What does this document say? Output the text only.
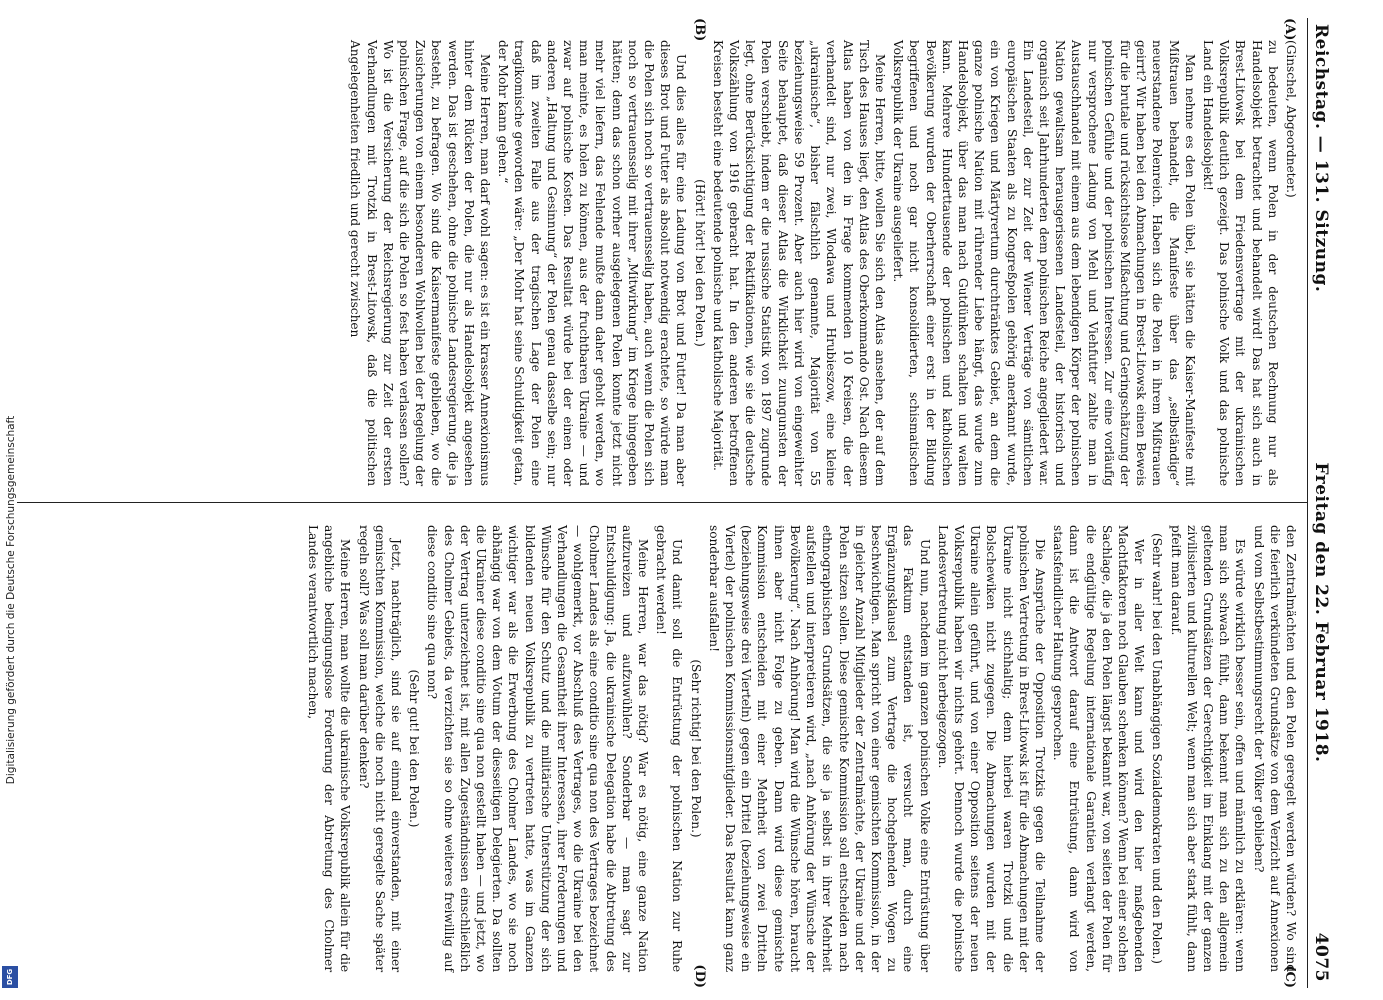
Digitalisierung gefördert durch die Deutsche Forschungsgemeinschaft
DFG
Reichstag. — 131. Sitzung.
Freitag den 22. Februar 1918.
4075
(A)
(B)

(Ginschel, Abgeordneter.)

zu bedeuten, wenn Polen in der deutschen Rechnung nur als Handelsobjekt betrachtet und behandelt wird! Das hat sich auch in Brest-Litowsk bei dem Friedensvertrage mit der ukrainischen Volksrepublik deutlich gezeigt. Das polnische Volk und das polnische Land ein Handelsobjekt!

Man nehme es den Polen übel, sie hätten die Kaiser-Manifeste mit Mißtrauen behandelt, die Manifeste über das „selbständige“ neuerstandene Polenreich. Haben sich die Polen in ihrem Mißtrauen geirrt? Wir haben bei den Abmachungen in Brest-Litowsk einen Beweis für die brutale und rücksichtslose Mißachtung und Geringschätzung der polnischen Gefühle und der polnischen Interessen. Zur eine vorläufig nur versprochene Ladung von Mehl und Viehfutter zahlte man in Austauschhandel mit einem aus dem lebendigen Körper der polnischen Nation gewaltsam herausgerissenen Landesteil, der historisch und organisch seit Jahrhunderten dem polnischen Reiche angegliedert war. Ein Landesteil, der zur Zeit der Wiener Verträge von sämtlichen europäischen Staaten als zu Kongreßpolen gehörig anerkannt wurde, ein von Kriegen und Märtyrertum durchtränktes Gebiet, an dem die ganze polnische Nation mit rührender Liebe hängt, das wurde zum Handelsobjekt, über das man nach Gutdünken schalten und walten kann. Mehrere Hunderttausende der polnischen und katholischen Bevölkerung wurden der Oberherrschaft einer erst in der Bildung begriffenen und noch gar nicht konsolidierten, schismatischen Volksrepublik der Ukraine ausgeliefert.

Meine Herren, bitte, wollen Sie sich den Atlas ansehen, der auf dem Tisch des Hauses liegt, den Atlas des Oberkommando Ost. Nach diesem Atlas haben von den in Frage kommenden 10 Kreisen, die der verhandelt sind, nur zwei, Wlodawa und Hrubieszow, eine kleine „ukrainische“, bisher fälschlich genannte, Majorität von 55 beziehungsweise 59 Prozent. Aber auch hier wird von eingeweihter Seite behauptet, daß dieser Atlas die Wirklichkeit zuungunsten der Polen verschiebt, indem er die russische Statistik von 1897 zugrunde legt, ohne Berücksichtigung der Rektifikationen, wie sie die deutsche Volkszählung von 1916 gebracht hat. In den anderen betroffenen Kreisen besteht eine bedeutende polnische und katholische Majorität.

(Hört! hört! bei den Polen.)

Und dies alles für eine Ladung von Brot und Futter! Da man aber dieses Brot und Futter als absolut notwendig erachtete, so würde man die Polen sich noch so vertrauensselig haben, auch wenn die Polen sich noch so vertrauensselig mit ihrer „Mitwirkung“ im Kriege hingegeben hätten; denn das schon vorher ausgelegenen Polen konnte jetzt nicht mehr viel liefern, das Fehlende mußte dann daher geholt werden, wo man meinte, es holen zu können, aus der fruchtbaren Ukraine — und zwar auf polnische Kosten. Das Resultat würde bei der einen oder anderen „Haltung und Gesinnung“ der Polen genau dasselbe sein; nur daß im zweiten Falle aus der tragischen Lage der Polen eine tragikomische geworden wäre: „Der Mohr hat seine Schuldigkeit getan, der Mohr kann gehen.“

Meine Herren, man darf wohl sagen: es ist ein krasser Annexionismus hinter dem Rücken der Polen, die nur als Handelsobjekt angesehen werden. Das ist geschehen, ohne die polnische Landesregierung, die ja besteht, zu befragen. Wo sind die Kaisermanifeste geblieben, wo die Zusicherungen von einem besonderen Wohlwollen bei der Regelung der polnischen Frage, auf die sich die Polen so fest haben verlassen sollen? Wo ist die Versicherung der Reichsregierung zur Zeit der ersten Verhandlungen mit Trotzki in Brest-Litowsk, daß die politischen Angelegenheiten friedlich und gerecht zwischen

(C)
(D)

den Zentralmächten und den Polen geregelt werden würden? Wo sind die feierlich verkündeten Grundsätze von dem Verzicht auf Annexionen und vom Selbstbestimmungsrecht der Völker geblieben?

Es würde wirklich besser sein, offen und männlich zu erklären: wenn man sich schwach fühlt, dann bekennt man sich zu den allgemein geltenden Grundsätzen der Gerechtigkeit im Einklang mit der ganzen zivilisierten und kulturellen Welt; wenn man sich aber stark fühlt, dann pfeift man darauf.

(Sehr wahr! bei den Unabhängigen Sozialdemokraten und den Polen.)

Wer in aller Welt kann und wird den hier maßgebenden Machtfaktoren noch Glauben schenken können? Wenn bei einer solchen Sachlage, die ja den Polen längst bekannt war, von seiten der Polen für die endgültige Regelung internationale Garantien verlangt werden, dann ist die Antwort darauf eine Entrüstung, dann wird von staatsfeindlicher Haltung gesprochen.

Die Ansprüche der Opposition Trotzkis gegen die Teilnahme der polnischen Vertretung in Brest-Litowsk ist für die Abmachungen mit der Ukraine nicht stichhaltig; denn hierbei waren Trotzki und die Bolschewiken nicht zugegen. Die Abmachungen wurden mit der Ukraine allein geführt, und von einer Opposition seitens der neuen Volksrepublik haben wir nichts gehört. Dennoch wurde die polnische Landesvertretung nicht herbeigezogen.

Und nun, nachdem im ganzen polnischen Volke eine Entrüstung über das Faktum entstanden ist, versucht man, durch eine Ergänzungsklausel zum Vertrage die hochgehenden Wogen zu beschwichtigen. Man spricht von einer gemischten Kommission, in der in gleicher Anzahl Mitglieder der Zentralmächte, der Ukraine und der Polen sitzen sollen. Diese gemischte Kommission soll entscheiden nach ethnographischen Grundsätzen, die sie ja selbst in ihrer Mehrheit aufstellen und interpretieren wird, „nach Anhörung der Wünsche der Bevölkerung“. Nach Anhörung! Man wird die Wünsche hören, braucht ihnen aber nicht Folge zu geben. Dann wird diese gemischte Kommission entscheiden mit einer Mehrheit von zwei Dritteln (beziehungsweise drei Vierteln) gegen ein Drittel (beziehungsweise ein Viertel) der polnischen Kommissionsmitglieder. Das Resultat kann ganz sonderbar ausfallen!

(Sehr richtig! bei den Polen.)

Und damit soll die Entrüstung der polnischen Nation zur Ruhe gebracht werden!

Meine Herren, war das nötig? War es nötig, eine ganze Nation aufzureizen und aufzuwühlen? Sonderbar — man sagt zur Entschuldigung: Ja, die ukrainische Delegation habe die Abtretung des Cholmer Landes als eine conditio sine qua non des Vertrages bezeichnet — wohlgemerkt, vor Abschluß des Vertrages, wo die Ukraine bei den Verhandlungen die Gesamtheit ihrer Interessen, ihrer Forderungen und Wünsche für den Schutz und die militärische Unterstützung der sich bildenden neuen Volksrepublik zu vertreten hatte, was im Ganzen wichtiger war als die Erwerbung des Cholmer Landes, wo sie noch abhängig war von dem Votum der diesseitigen Delegierten. Da sollten die Ukrainer diese conditio sine qua non gestellt haben — und jetzt, wo der Vertrag unterzeichnet ist, mit allen Zugeständnissen einschließlich des Cholmer Gebiets, da verzichten sie so ohne weiteres freiwillig auf diese conditio sine qua non?

(Sehr gut! bei den Polen.)

Jetzt, nachträglich, sind sie auf einmal einverstanden, mit einer gemischten Kommission, welche die noch nicht geregelte Sache später regeln soll? Was soll man darüber denken?

Meine Herren, man wollte die ukrainische Volksrepublik allein für die angebliche bedingungslose Forderung der Abtretung des Cholmer Landes verantwortlich machen,
